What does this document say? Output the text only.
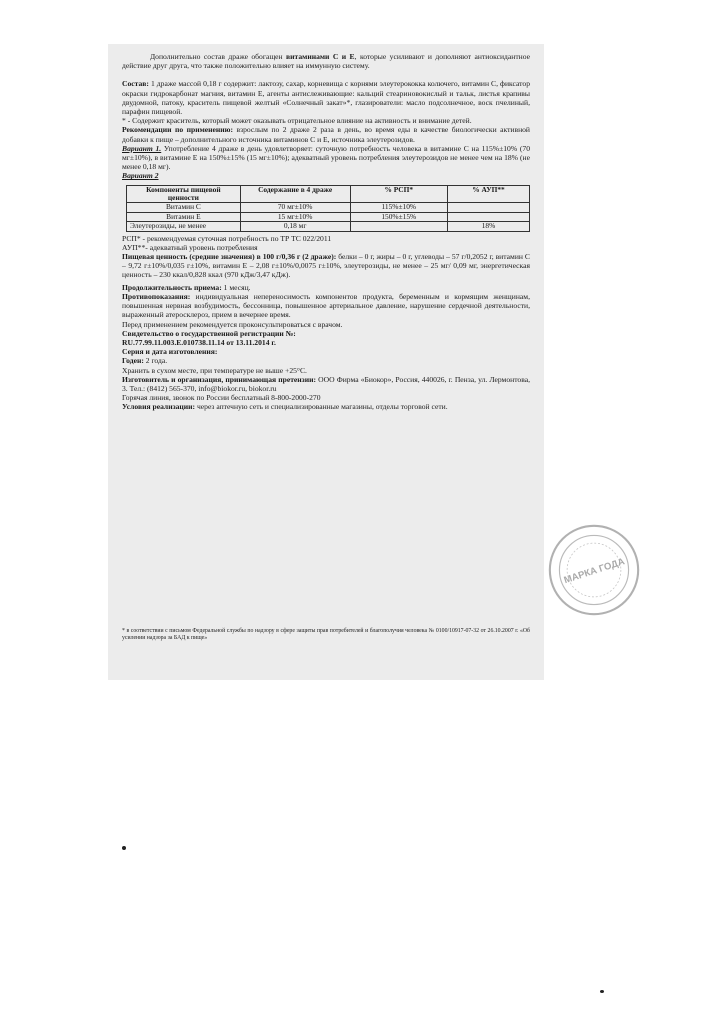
Дополнительно состав драже обогащен витаминами С и Е, которые усиливают и дополняют антиоксидантное действие друг друга, что также положительно влияет на иммунную систему.

Состав: 1 драже массой 0,18 г содержит: лактозу, сахар, корневища с корнями элеутерококка колючего, витамин С, фиксатор окраски гидрокарбонат магния, витамин Е, агенты антислеживающие: кальций стеариновокислый и тальк, листья крапивы двудомной, патоку, краситель пищевой желтый «Солнечный закат»*, глазирователи: масло подсолнечное, воск пчелиный, парафин пищевой.

* - Содержит краситель, который может оказывать отрицательное влияние на активность и внимание детей.

Рекомендации по применению: взрослым по 2 драже 2 раза в день, во время еды в качестве биологически активной добавки к пище – дополнительного источника витаминов С и Е, источника элеутерозидов.

Вариант 1. Употребление 4 драже в день удовлетворяет: суточную потребность человека в витамине С на 115%±10% (70 мг±10%), в витамине Е на 150%±15% (15 мг±10%); адекватный уровень потребления элеутерозидов не менее чем на 18% (не менее 0,18 мг).

Вариант 2

Компоненты пищевой ценности	Содержание в 4 драже	% РСП*	% АУП**
Витамин С	70 мг±10%	115%±10%	
Витамин Е	15 мг±10%	150%±15%	
Элеутерозиды, не менее	0,18 мг		18%

РСП* - рекомендуемая суточная потребность по ТР ТС 022/2011

АУП**- адекватный уровень потребления

Пищевая ценность (средние значения) в 100 г/0,36 г (2 драже): белки – 0 г, жиры – 0 г, углеводы – 57 г/0,2052 г, витамин С – 9,72 г±10%/0,035 г±10%, витамин Е – 2,08 г±10%/0,0075 г±10%, элеутерозиды, не менее – 25 мг/ 0,09 мг, энергетическая ценность – 230 ккал/0,828 ккал (970 кДж/3,47 кДж).

Продолжительность приема: 1 месяц.

Противопоказания: индивидуальная непереносимость компонентов продукта, беременным и кормящим женщинам, повышенная нервная возбудимость, бессонница, повышенное артериальное давление, нарушение сердечной деятельности, выраженный атеросклероз, прием в вечернее время.

Перед применением рекомендуется проконсультироваться с врачом.

Свидетельство о государственной регистрации №:

RU.77.99.11.003.E.010738.11.14 от 13.11.2014 г.

Серия и дата изготовления:

Годен: 2 года.

Хранить в сухом месте, при температуре не выше +25°С.

Изготовитель и организация, принимающая претензии: ООО Фирма «Биокор», Россия, 440026, г. Пенза, ул. Лермонтова, 3. Тел.: (8412) 565-370, info@biokor.ru, biokor.ru

Горячая линия, звонок по России бесплатный 8-800-2000-270

Условия реализации: через аптечную сеть и специализированные магазины, отделы торговой сети.

МАРКА ГОДА

* в соответствии с письмом Федеральной службы по надзору в сфере защиты прав потребителей и благополучия человека № 0100/10917-07-32 от 26.10.2007 г. «Об усилении надзора за БАД к пище»
